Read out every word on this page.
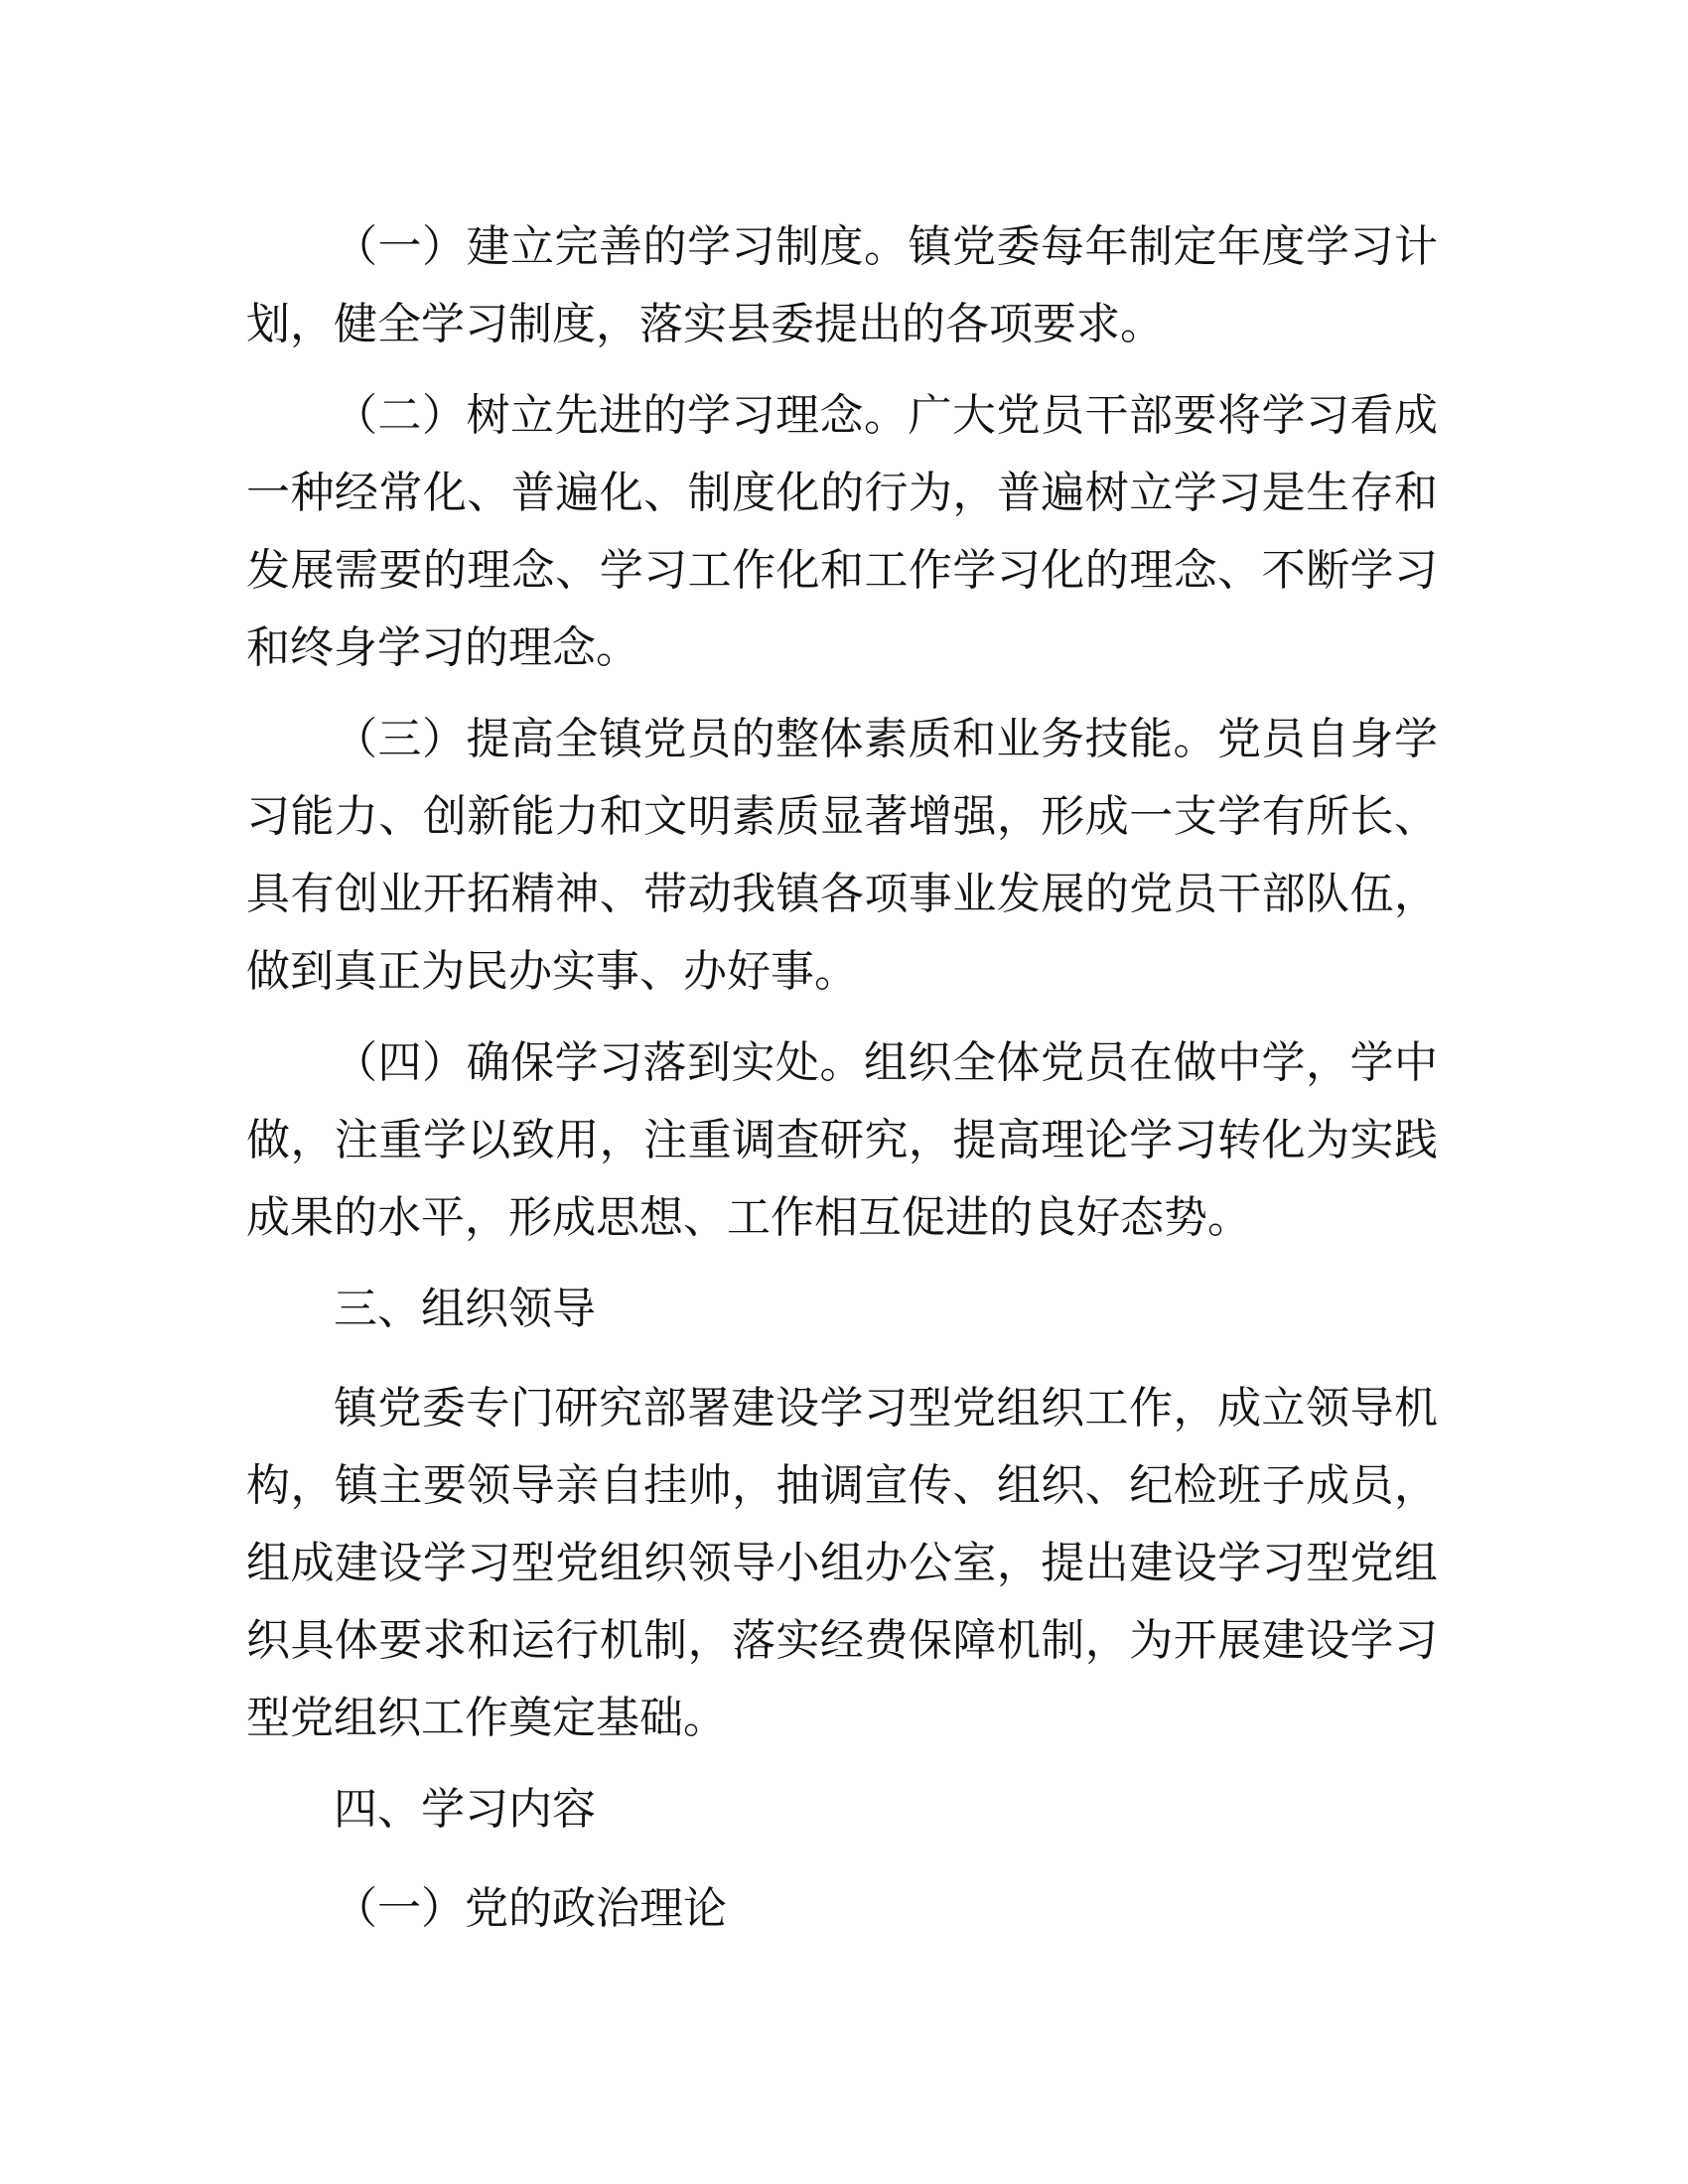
（一）建立完善的学习制度。镇党委每年制定年度学习计划，健全学习制度，落实县委提出的各项要求。

（二）树立先进的学习理念。广大党员干部要将学习看成一种经常化、普遍化、制度化的行为，普遍树立学习是生存和发展需要的理念、学习工作化和工作学习化的理念、不断学习和终身学习的理念。

（三）提高全镇党员的整体素质和业务技能。党员自身学习能力、创新能力和文明素质显著增强，形成一支学有所长、具有创业开拓精神、带动我镇各项事业发展的党员干部队伍，做到真正为民办实事、办好事。

（四）确保学习落到实处。组织全体党员在做中学，学中做，注重学以致用，注重调查研究，提高理论学习转化为实践成果的水平，形成思想、工作相互促进的良好态势。

三、组织领导

镇党委专门研究部署建设学习型党组织工作，成立领导机构，镇主要领导亲自挂帅，抽调宣传、组织、纪检班子成员，组成建设学习型党组织领导小组办公室，提出建设学习型党组织具体要求和运行机制，落实经费保障机制，为开展建设学习型党组织工作奠定基础。

四、学习内容

（一）党的政治理论
